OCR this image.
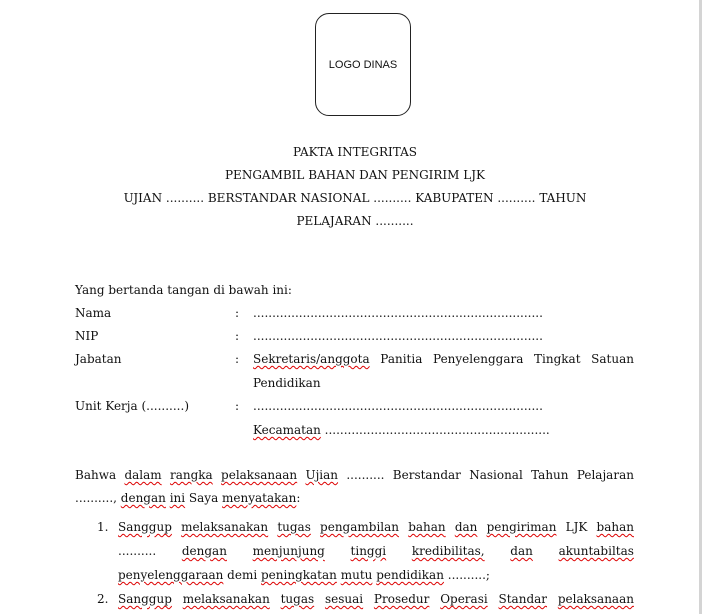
LOGO DINAS
PAKTA INTEGRITAS
PENGAMBIL BAHAN DAN PENGIRIM LJK
UJIAN .......... BERSTANDAR NASIONAL .......... KABUPATEN .......... TAHUN
PELAJARAN ..........
Yang bertanda tangan di bawah ini:
Nama	: ............................................................................
NIP	: ............................................................................
Jabatan	: Sekretaris/anggota Panitia Penyelenggara Tingkat Satuan
Pendidikan
Unit Kerja (..........)	: ............................................................................
Kecamatan ...........................................................
Bahwa dalam rangka pelaksanaan Ujian .......... Berstandar Nasional Tahun Pelajaran
.........., dengan ini Saya menyatakan:
1. Sanggup melaksanakan tugas pengambilan bahan dan pengiriman LJK bahan
.......... dengan menjunjung tinggi kredibilitas, dan akuntabiltas
penyelenggaraan demi peningkatan mutu pendidikan ..........;
2. Sanggup melaksanakan tugas sesuai Prosedur Operasi Standar pelaksanaan
